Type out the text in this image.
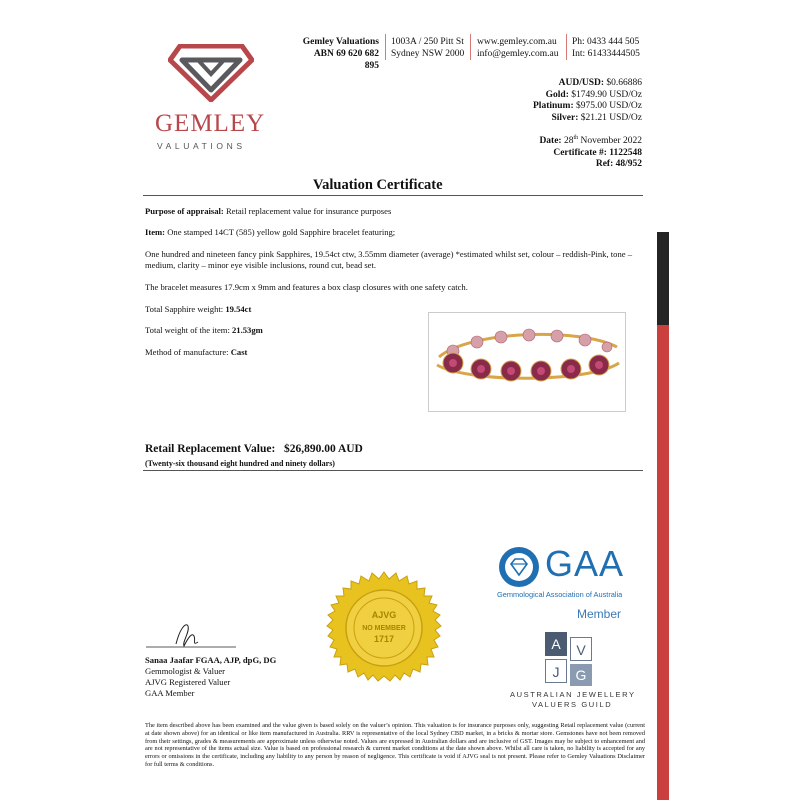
GEMLEY
VALUATIONS
Gemley Valuations
ABN 69 620 682 895
1003A / 250 Pitt St
Sydney NSW 2000
www.gemley.com.au
info@gemley.com.au
Ph: 0433 444 505
Int: 61433444505
AUD/USD: $0.66886
Gold: $1749.90 USD/Oz
Platinum: $975.00 USD/Oz
Silver: $21.21 USD/Oz
Date: 28th November 2022
Certificate #: 1122548
Ref: 48/952
Valuation Certificate
Purpose of appraisal: Retail replacement value for insurance purposes
Item: One stamped 14CT (585) yellow gold Sapphire bracelet featuring;
One hundred and nineteen fancy pink Sapphires, 19.54ct ctw, 3.55mm diameter (average) *estimated whilst set, colour – reddish-Pink, tone – medium, clarity – minor eye visible inclusions, round cut, bead set.
The bracelet measures 17.9cm x 9mm and features a box clasp closures with one safety catch.
Total Sapphire weight: 19.54ct
Total weight of the item: 21.53gm
Method of manufacture: Cast
Retail Replacement Value: $26,890.00 AUD
(Twenty-six thousand eight hundred and ninety dollars)
AJVG
NO MEMBER
1717
Sanaa Jaafar FGAA, AJP, dpG, DG
Gemmologist & Valuer
AJVG Registered Valuer
GAA Member
GAA
Gemmological Association of Australia
Member
A	V
J	G
AUSTRALIAN JEWELLERY
VALUERS GUILD
The item described above has been examined and the value given is based solely on the valuer’s opinion. This valuation is for insurance purposes only, suggesting Retail replacement value (current at date shown above) for an identical or like item manufactured in Australia. RRV is representative of the local Sydney CBD market, in a bricks & mortar store. Gemstones have not been removed from their settings, grades & measurements are approximate unless otherwise noted. Values are expressed in Australian dollars and are inclusive of GST. Images may be subject to enhancement and are not representative of the items actual size. Value is based on professional research & current market conditions at the date shown above. Whilst all care is taken, no liability is accepted for any errors or omissions in the certificate, including any liability to any person by reason of negligence. This certificate is void if AJVG seal is not present. Please refer to Gemley Valuations Disclaimer for full terms & conditions.
